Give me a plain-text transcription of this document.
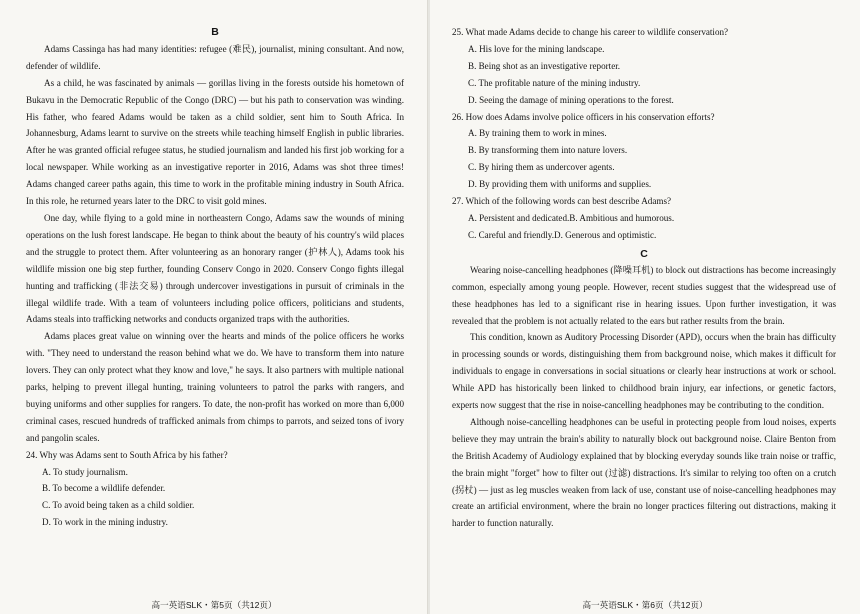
B

Adams Cassinga has had many identities: refugee (难民), journalist, mining consultant. And now, defender of wildlife.

As a child, he was fascinated by animals — gorillas living in the forests outside his hometown of Bukavu in the Democratic Republic of the Congo (DRC) — but his path to conservation was winding. His father, who feared Adams would be taken as a child soldier, sent him to South Africa. In Johannesburg, Adams learnt to survive on the streets while teaching himself English in public libraries. After he was granted official refugee status, he studied journalism and landed his first job working for a local newspaper. While working as an investigative reporter in 2016, Adams was shot three times! Adams changed career paths again, this time to work in the profitable mining industry in South Africa. In this role, he returned years later to the DRC to visit gold mines.

One day, while flying to a gold mine in northeastern Congo, Adams saw the wounds of mining operations on the lush forest landscape. He began to think about the beauty of his country's wild places and the struggle to protect them. After volunteering as an honorary ranger (护林人), Adams took his wildlife mission one big step further, founding Conserv Congo in 2020. Conserv Congo fights illegal hunting and trafficking (非法交易) through undercover investigations in pursuit of criminals in the illegal wildlife trade. With a team of volunteers including police officers, politicians and students, Adams steals into trafficking networks and conducts organized traps with the authorities.

Adams places great value on winning over the hearts and minds of the police officers he works with. "They need to understand the reason behind what we do. We have to transform them into nature lovers. They can only protect what they know and love," he says. It also partners with multiple national parks, helping to prevent illegal hunting, training volunteers to patrol the parks with rangers, and buying uniforms and other supplies for rangers. To date, the non-profit has worked on more than 6,000 criminal cases, rescued hundreds of trafficked animals from chimps to parrots, and seized tons of ivory and pangolin scales.

24. Why was Adams sent to South Africa by his father?

A. To study journalism.

B. To become a wildlife defender.

C. To avoid being taken as a child soldier.

D. To work in the mining industry.

高一英语SLK・第5页（共12页）

25. What made Adams decide to change his career to wildlife conservation?

A. His love for the mining landscape.

B. Being shot as an investigative reporter.

C. The profitable nature of the mining industry.

D. Seeing the damage of mining operations to the forest.

26. How does Adams involve police officers in his conservation efforts?

A. By training them to work in mines.

B. By transforming them into nature lovers.

C. By hiring them as undercover agents.

D. By providing them with uniforms and supplies.

27. Which of the following words can best describe Adams?

A. Persistent and dedicated. B. Ambitious and humorous.

C. Careful and friendly. D. Generous and optimistic.

C

Wearing noise-cancelling headphones (降噪耳机) to block out distractions has become increasingly common, especially among young people. However, recent studies suggest that the widespread use of these headphones has led to a significant rise in hearing issues. Upon further investigation, it was revealed that the problem is not actually related to the ears but rather results from the brain.

This condition, known as Auditory Processing Disorder (APD), occurs when the brain has difficulty in processing sounds or words, distinguishing them from background noise, which makes it difficult for individuals to engage in conversations in social situations or clearly hear instructions at work or school. While APD has historically been linked to childhood brain injury, ear infections, or genetic factors, experts now suggest that the rise in noise-cancelling headphones may be contributing to the condition.

Although noise-cancelling headphones can be useful in protecting people from loud noises, experts believe they may untrain the brain's ability to naturally block out background noise. Claire Benton from the British Academy of Audiology explained that by blocking everyday sounds like train noise or traffic, the brain might "forget" how to filter out (过滤) distractions. It's similar to relying too often on a crutch (拐杖) — just as leg muscles weaken from lack of use, constant use of noise-cancelling headphones may create an artificial environment, where the brain no longer practices filtering out distractions, making it harder to function naturally.

高一英语SLK・第6页（共12页）
